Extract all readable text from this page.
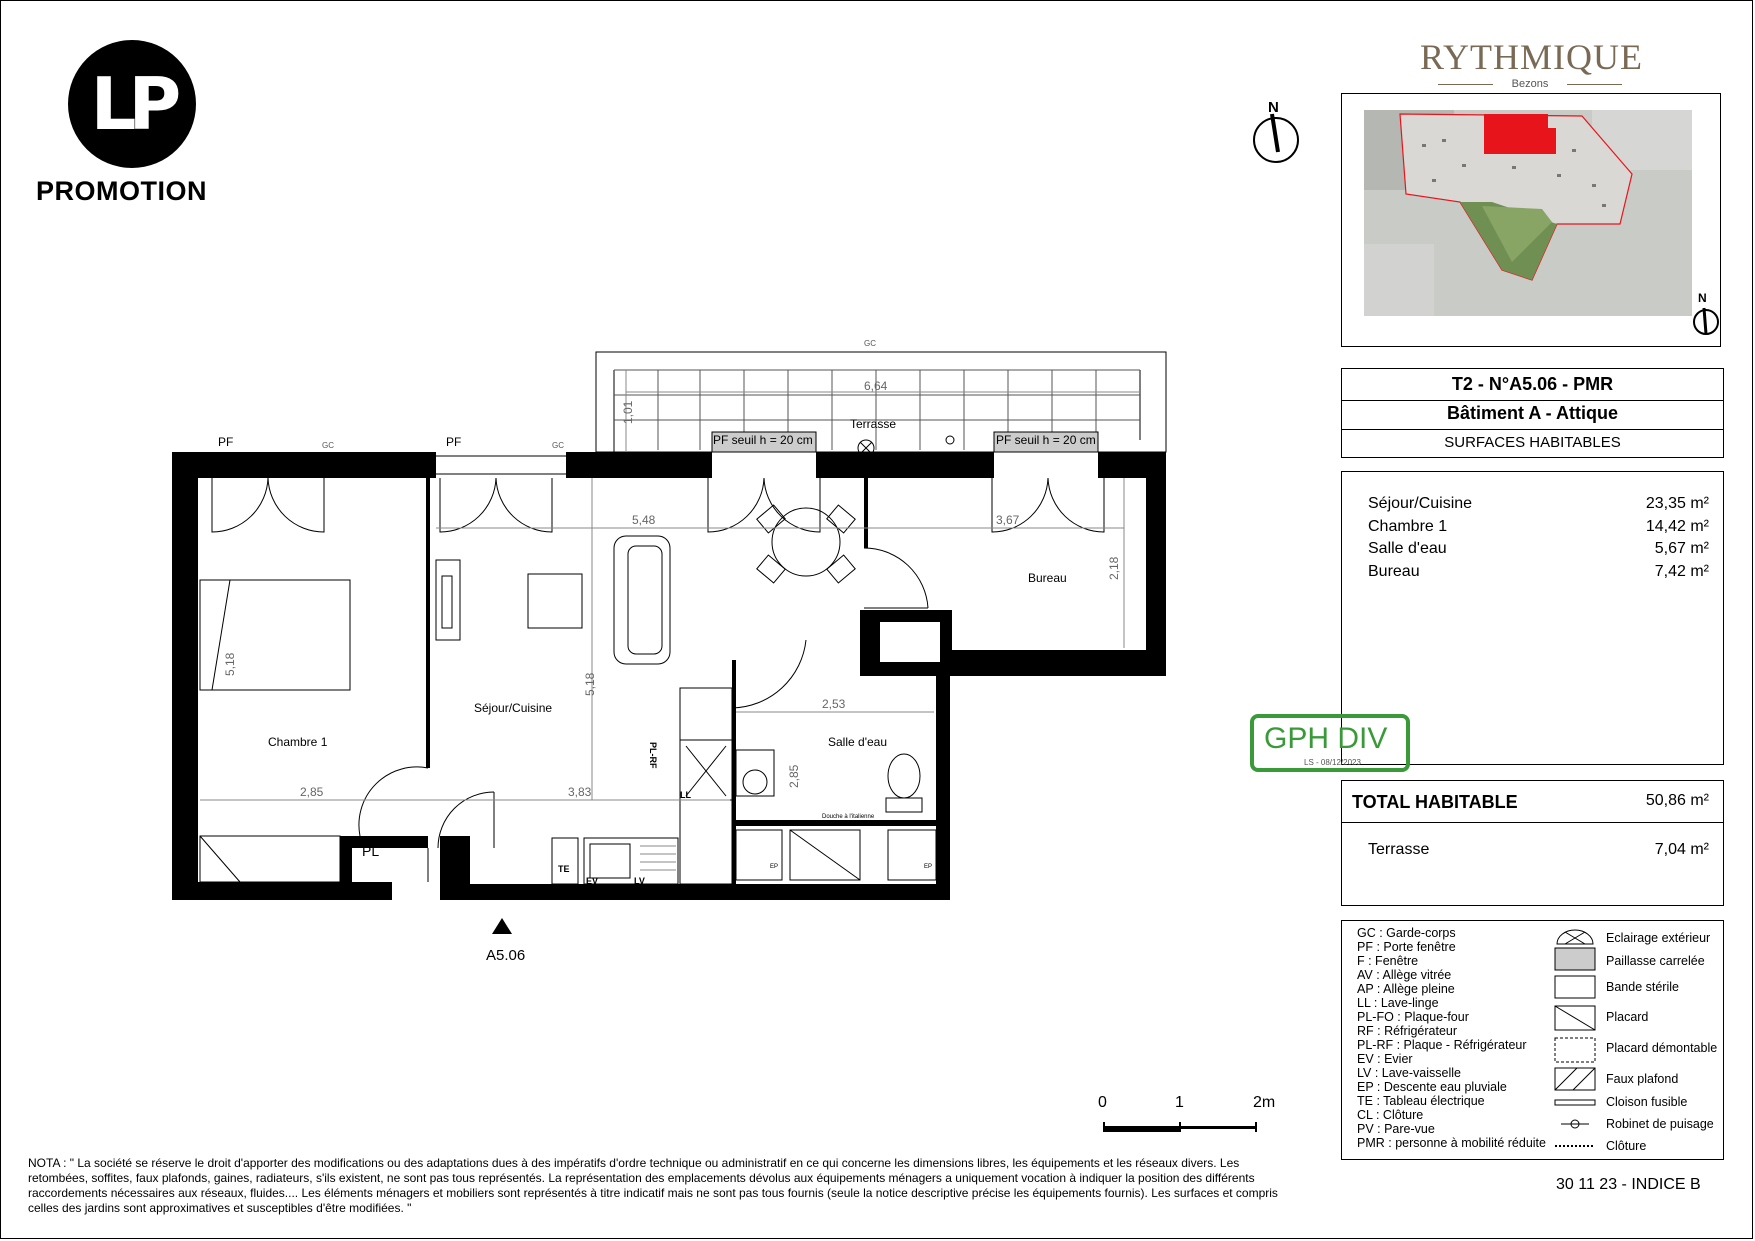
LP
PROMOTION
RYTHMIQUE
Bezons
N
N
T2 - N°A5.06 - PMR
Bâtiment A - Attique
SURFACES HABITABLES
Séjour/Cuisine	23,35 m²
Chambre 1	14,42 m²
Salle d'eau	5,67 m²
Bureau	7,42 m²
TOTAL HABITABLE	50,86 m²
Terrasse	7,04 m²
GPH DIV
LS - 08/12/2023
GC : Garde-corps
PF : Porte fenêtre
F : Fenêtre
AV : Allège vitrée
AP : Allège pleine
LL : Lave-linge
PL-FO : Plaque-four
RF : Réfrigérateur
PL-RF : Plaque - Réfrigérateur
EV : Evier
LV : Lave-vaisselle
EP : Descente eau pluviale
TE : Tableau électrique
CL : Clôture
PV : Pare-vue
PMR : personne à mobilité réduite
Eclairage extérieur
Paillasse carrelée
Bande stérile
Placard
Placard démontable
Faux plafond
Cloison fusible
Robinet de puisage
Clôture
PF	PF
GC	GC
GC
PF seuil h = 20 cm	PF seuil h = 20 cm
Terrasse
6,64
1,01
5,48	3,67
2,18
5,18
5,18
2,53
2,85
2,85
3,83
Bureau
Séjour/Cuisine
Chambre 1	Salle d'eau
Douche à l'italienne
PL
PL-RF
LL
EV	LV
TE	EP	EP
A5.06
0	1	2m
NOTA : " La société se réserve le droit d'apporter des modifications ou des adaptations dues à des impératifs d'ordre technique ou administratif en ce qui concerne les dimensions libres, les équipements et les réseaux divers. Les retombées, soffites, faux plafonds, gaines, radiateurs, s'ils existent, ne sont pas tous représentés. La représentation des emplacements dévolus aux équipements ménagers a uniquement vocation à indiquer la position des différents raccordements nécessaires aux réseaux, fluides.... Les éléments ménagers et mobiliers sont représentés à titre indicatif mais ne sont pas tous fournis (seule la notice descriptive précise les équipements fournis). Les surfaces et compris celles des jardins sont approximatives et susceptibles d'être modifiées. "
30 11 23 - INDICE B
